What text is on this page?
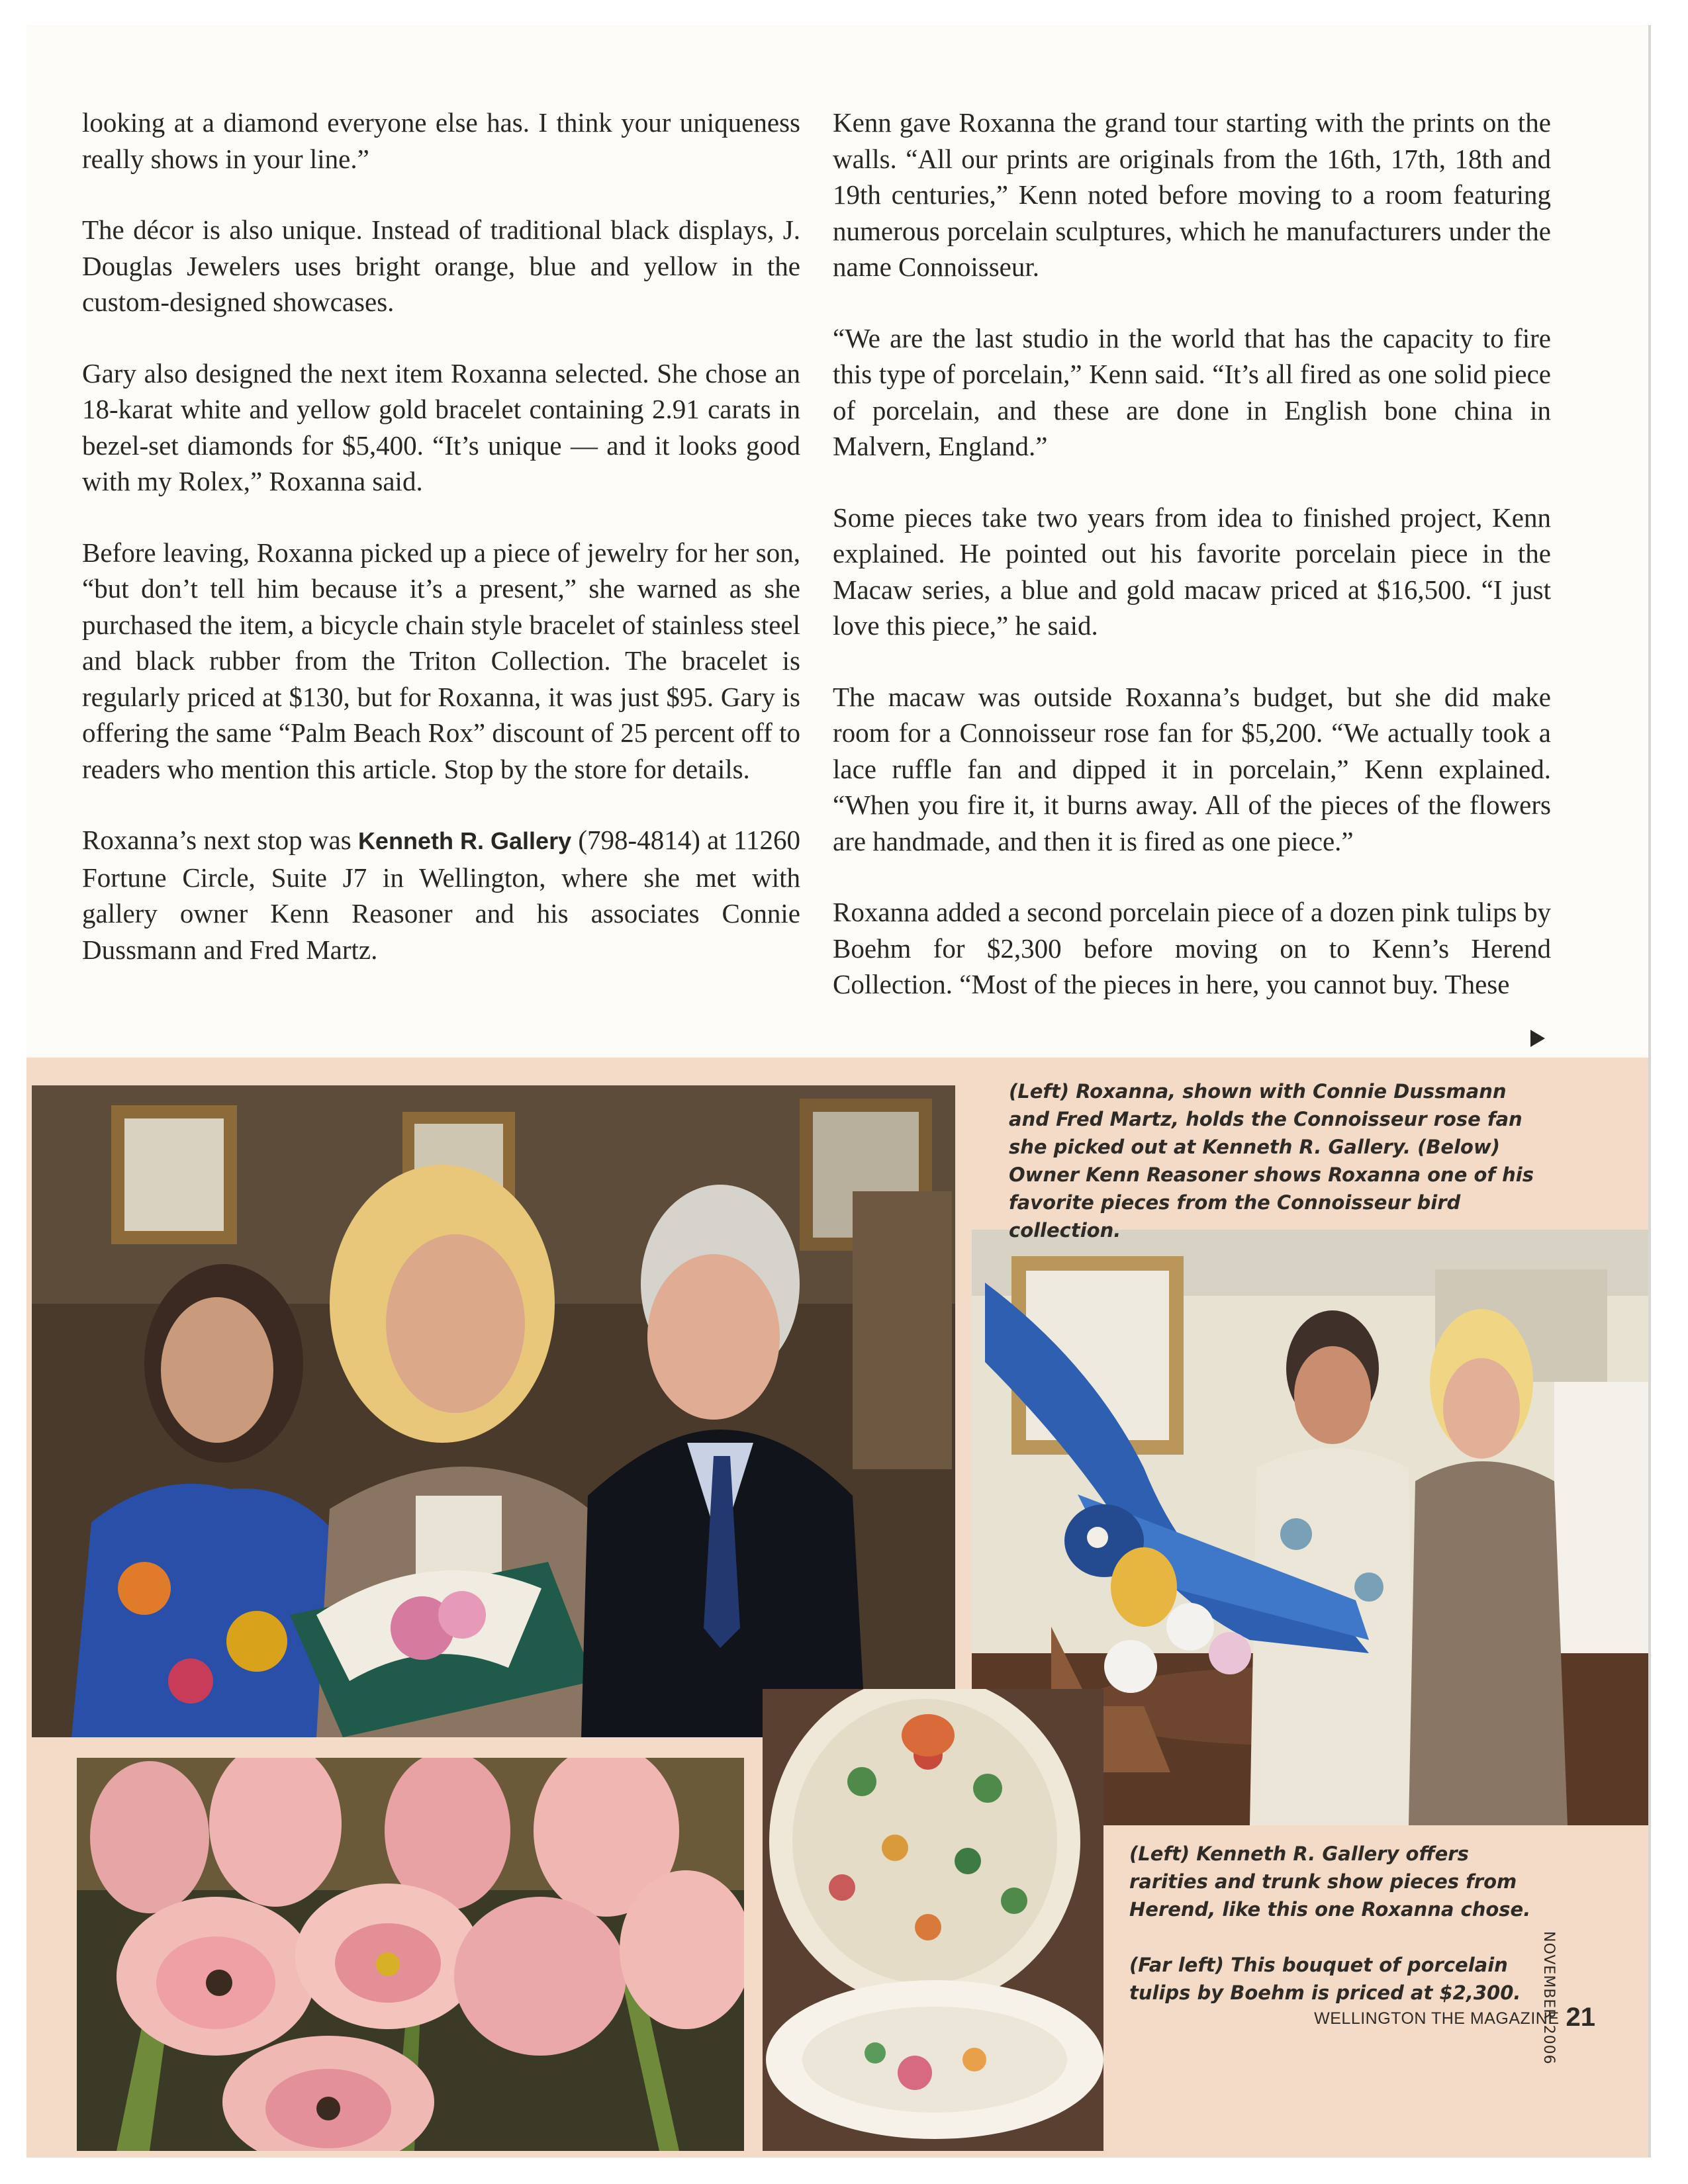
looking at a diamond everyone else has. I think your uniqueness really shows in your line.”

The décor is also unique. Instead of traditional black displays, J. Douglas Jewelers uses bright orange, blue and yellow in the custom-designed showcases.

Gary also designed the next item Roxanna selected. She chose an 18-karat white and yellow gold bracelet containing 2.91 carats in bezel-set diamonds for $5,400. “It’s unique — and it looks good with my Rolex,” Roxanna said.

Before leaving, Roxanna picked up a piece of jewelry for her son, “but don’t tell him because it’s a present,” she warned as she purchased the item, a bicycle chain style bracelet of stainless steel and black rubber from the Triton Collection. The bracelet is regularly priced at $130, but for Roxanna, it was just $95. Gary is offering the same “Palm Beach Rox” discount of 25 percent off to readers who mention this article. Stop by the store for details.

Roxanna’s next stop was Kenneth R. Gallery (798-4814) at 11260 Fortune Circle, Suite J7 in Wellington, where she met with gallery owner Kenn Reasoner and his associates Connie Dussmann and Fred Martz.

Kenn gave Roxanna the grand tour starting with the prints on the walls. “All our prints are originals from the 16th, 17th, 18th and 19th centuries,” Kenn noted before moving to a room featuring numerous porcelain sculptures, which he manufacturers under the name Connoisseur.

“We are the last studio in the world that has the capacity to fire this type of porcelain,” Kenn said. “It’s all fired as one solid piece of porcelain, and these are done in English bone china in Malvern, England.”

Some pieces take two years from idea to finished project, Kenn explained. He pointed out his favorite porcelain piece in the Macaw series, a blue and gold macaw priced at $16,500. “I just love this piece,” he said.

The macaw was outside Roxanna’s budget, but she did make room for a Connoisseur rose fan for $5,200. “We actually took a lace ruffle fan and dipped it in porcelain,” Kenn explained. “When you fire it, it burns away. All of the pieces of the flowers are handmade, and then it is fired as one piece.”

Roxanna added a second porcelain piece of a dozen pink tulips by Boehm for $2,300 before moving on to Kenn’s Herend Collection. “Most of the pieces in here, you cannot buy. These

(Left) Roxanna, shown with Connie Dussmann and Fred Martz, holds the Connoisseur rose fan she picked out at Kenneth R. Gallery. (Below) Owner Kenn Reasoner shows Roxanna one of his favorite pieces from the Connoisseur bird collection.

(Left) Kenneth R. Gallery offers rarities and trunk show pieces from Herend, like this one Roxanna chose.

(Far left) This bouquet of porcelain tulips by Boehm is priced at $2,300.	NOVEMBER 2006
WELLINGTON THE MAGAZINE 21
